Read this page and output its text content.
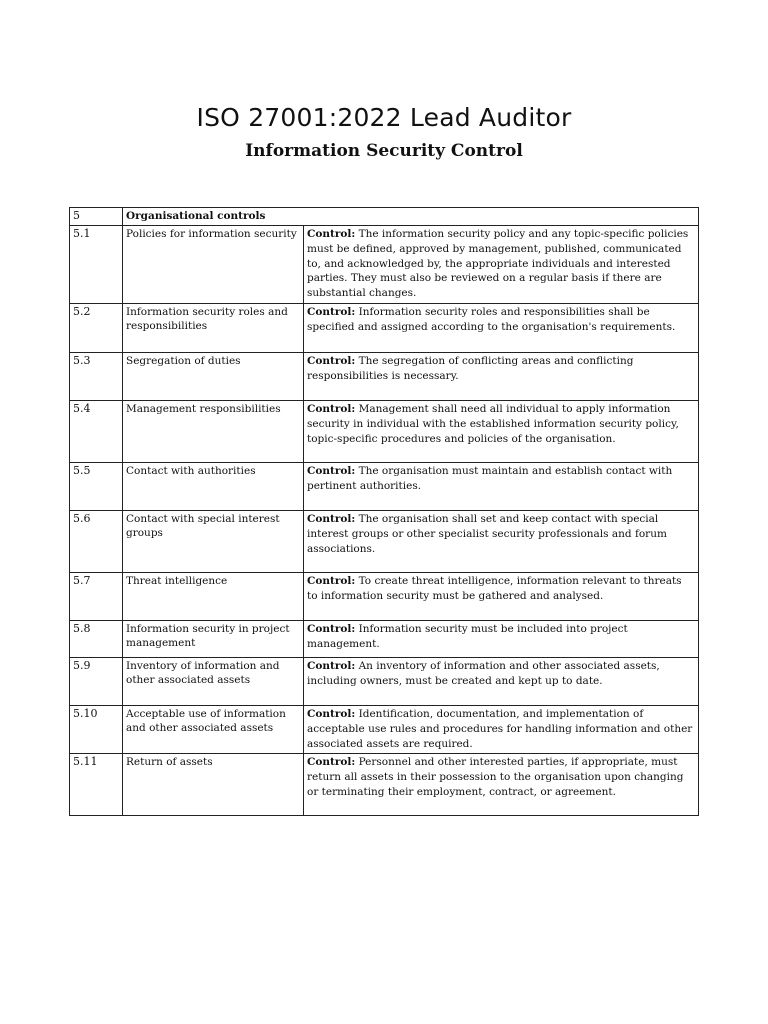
ISO 27001:2022 Lead Auditor
Information Security Control
5	Organisational controls	
5.1	Policies for information security	Control: The information security policy and any topic-specific policies must be defined, approved by management, published, communicated to, and acknowledged by, the appropriate individuals and interested parties. They must also be reviewed on a regular basis if there are substantial changes.
5.2	Information security roles and responsibilities	Control: Information security roles and responsibilities shall be specified and assigned according to the organisation's requirements.
5.3	Segregation of duties	Control: The segregation of conflicting areas and conflicting responsibilities is necessary.
5.4	Management responsibilities	Control: Management shall need all individual to apply information security in individual with the established information security policy, topic-specific procedures and policies of the organisation.
5.5	Contact with authorities	Control: The organisation must maintain and establish contact with pertinent authorities.
5.6	Contact with special interest groups	Control: The organisation shall set and keep contact with special interest groups or other specialist security professionals and forum associations.
5.7	Threat intelligence	Control: To create threat intelligence, information relevant to threats to information security must be gathered and analysed.
5.8	Information security in project management	Control: Information security must be included into project management.
5.9	Inventory of information and other associated assets	Control: An inventory of information and other associated assets, including owners, must be created and kept up to date.
5.10	Acceptable use of information and other associated assets	Control: Identification, documentation, and implementation of acceptable use rules and procedures for handling information and other associated assets are required.
5.11	Return of assets	Control: Personnel and other interested parties, if appropriate, must return all assets in their possession to the organisation upon changing or terminating their employment, contract, or agreement.
